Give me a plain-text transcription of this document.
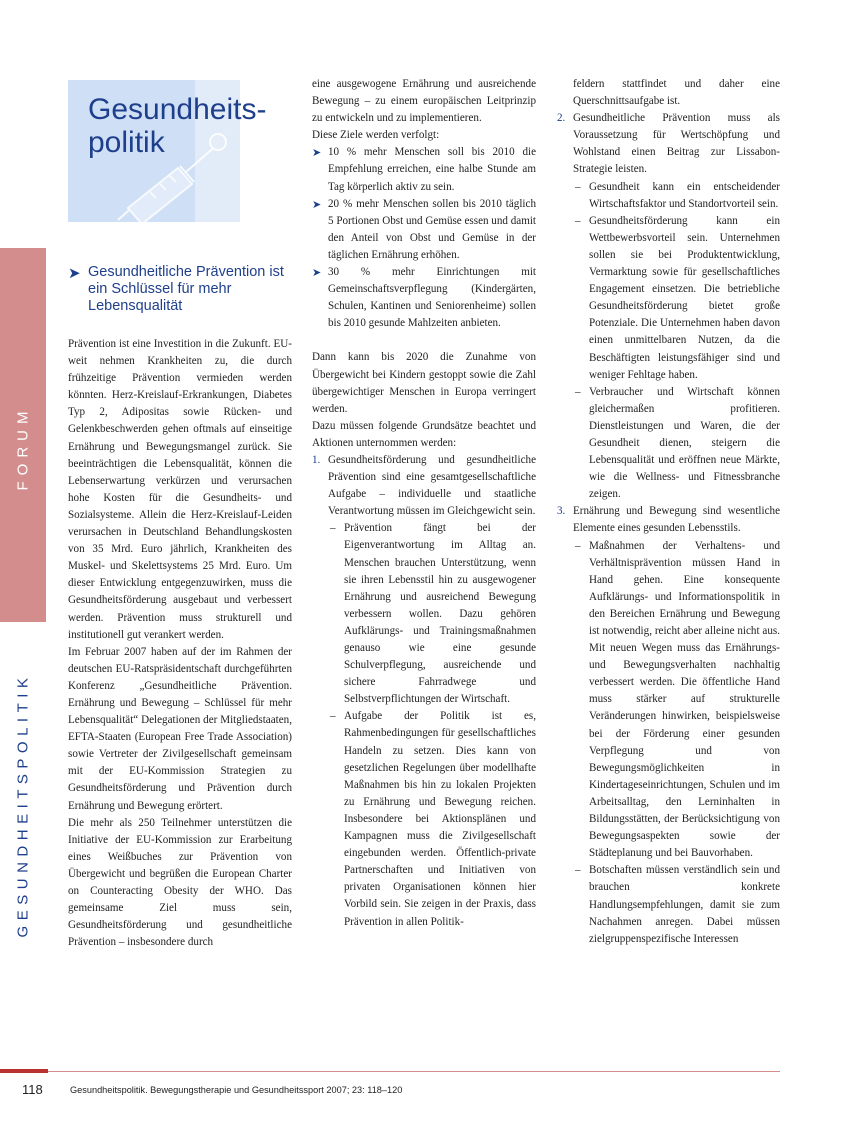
FORUM
GESUNDHEITSPOLITIK
Gesundheits-
politik
➤ Gesundheitliche Prävention ist ein Schlüssel für mehr Lebensqualität

Prävention ist eine Investition in die Zukunft. EU-weit nehmen Krankheiten zu, die durch frühzeitige Prävention vermieden werden könnten. Herz-Kreislauf-Erkrankungen, Diabetes Typ 2, Adipositas sowie Rücken- und Gelenkbeschwerden gehen oftmals auf einseitige Ernährung und Bewegungsmangel zurück. Sie beeinträchtigen die Lebensqualität, können die Lebenserwartung verkürzen und verursachen hohe Kosten für die Gesundheits- und Sozialsysteme. Allein die Herz-Kreislauf-Leiden verursachen in Deutschland Behandlungskosten von 35 Mrd. Euro jährlich, Krankheiten des Muskel- und Skelettsystems 25 Mrd. Euro. Um dieser Entwicklung entgegenzuwirken, muss die Gesundheitsförderung ausgebaut und verbessert werden. Prävention muss strukturell und institutionell gut verankert werden.

Im Februar 2007 haben auf der im Rahmen der deutschen EU-Ratspräsidentschaft durchgeführten Konferenz „Gesundheitliche Prävention. Ernährung und Bewegung – Schlüssel für mehr Lebensqualität“ Delegationen der Mitgliedstaaten, EFTA-Staaten (European Free Trade Association) sowie Vertreter der Zivilgesellschaft gemeinsam mit der EU-Kommission Strategien zu Gesundheitsförderung und Prävention durch Ernährung und Bewegung erörtert.

Die mehr als 250 Teilnehmer unterstützen die Initiative der EU-Kommission zur Erarbeitung eines Weißbuches zur Prävention von Übergewicht und begrüßen die European Charter on Counteracting Obesity der WHO. Das gemeinsame Ziel muss sein, Gesundheitsförderung und gesundheitliche Prävention – insbesondere durch

eine ausgewogene Ernährung und ausreichende Bewegung – zu einem europäischen Leitprinzip zu entwickeln und zu implementieren.

Diese Ziele werden verfolgt:

➤ 10 % mehr Menschen soll bis 2010 die Empfehlung erreichen, eine halbe Stunde am Tag körperlich aktiv zu sein.

➤ 20 % mehr Menschen sollen bis 2010 täglich 5 Portionen Obst und Gemüse essen und damit den Anteil von Obst und Gemüse in der täglichen Ernährung erhöhen.

➤ 30 % mehr Einrichtungen mit Gemeinschaftsverpflegung (Kindergärten, Schulen, Kantinen und Seniorenheime) sollen bis 2010 gesunde Mahlzeiten anbieten.

Dann kann bis 2020 die Zunahme von Übergewicht bei Kindern gestoppt sowie die Zahl übergewichtiger Menschen in Europa verringert werden.

Dazu müssen folgende Grundsätze beachtet und Aktionen unternommen werden:

1. Gesundheitsförderung und gesundheitliche Prävention sind eine gesamtgesellschaftliche Aufgabe – individuelle und staatliche Verantwortung müssen im Gleichgewicht sein.

– Prävention fängt bei der Eigenverantwortung im Alltag an. Menschen brauchen Unterstützung, wenn sie ihren Lebensstil hin zu ausgewogener Ernährung und ausreichend Bewegung verbessern wollen. Dazu gehören Aufklärungs- und Trainingsmaßnahmen genauso wie eine gesunde Schulverpflegung, ausreichende und sichere Fahrradwege und Selbstverpflichtungen der Wirtschaft.

– Aufgabe der Politik ist es, Rahmenbedingungen für gesellschaftliches Handeln zu setzen. Dies kann von gesetzlichen Regelungen über modellhafte Maßnahmen bis hin zu lokalen Projekten zu Ernährung und Bewegung reichen. Insbesondere bei Aktionsplänen und Kampagnen muss die Zivilgesellschaft eingebunden werden. Öffentlich-private Partnerschaften und Initiativen von privaten Organisationen können hier Vorbild sein. Sie zeigen in der Praxis, dass Prävention in allen Politik-

feldern stattfindet und daher eine Querschnittsaufgabe ist.

2. Gesundheitliche Prävention muss als Voraussetzung für Wertschöpfung und Wohlstand einen Beitrag zur Lissabon-Strategie leisten.

– Gesundheit kann ein entscheidender Wirtschaftsfaktor und Standortvorteil sein.

– Gesundheitsförderung kann ein Wettbewerbsvorteil sein. Unternehmen sollen sie bei Produktentwicklung, Vermarktung sowie für gesellschaftliches Engagement einsetzen. Die betriebliche Gesundheitsförderung bietet große Potenziale. Die Unternehmen haben davon einen unmittelbaren Nutzen, da die Beschäftigten leistungsfähiger sind und weniger Fehltage haben.

– Verbraucher und Wirtschaft können gleichermaßen profitieren. Dienstleistungen und Waren, die der Gesundheit dienen, steigern die Lebensqualität und eröffnen neue Märkte, wie die Wellness- und Fitnessbranche zeigen.

3. Ernährung und Bewegung sind wesentliche Elemente eines gesunden Lebensstils.

– Maßnahmen der Verhaltens- und Verhältnisprävention müssen Hand in Hand gehen. Eine konsequente Aufklärungs- und Informationspolitik in den Bereichen Ernährung und Bewegung ist notwendig, reicht aber alleine nicht aus. Mit neuen Wegen muss das Ernährungs- und Bewegungsverhalten nachhaltig verbessert werden. Die öffentliche Hand muss stärker auf strukturelle Veränderungen hinwirken, beispielsweise bei der Förderung einer gesunden Verpflegung und von Bewegungsmöglichkeiten in Kindertageseinrichtungen, Schulen und im Arbeitsalltag, den Lerninhalten in Bildungsstätten, der Berücksichtigung von Bewegungsaspekten sowie der Städteplanung und bei Bauvorhaben.

– Botschaften müssen verständlich sein und brauchen konkrete Handlungsempfehlungen, damit sie zum Nachahmen anregen. Dabei müssen zielgruppenspezifische Interessen

118	Gesundheitspolitik. Bewegungstherapie und Gesundheitssport 2007; 23: 118–120
